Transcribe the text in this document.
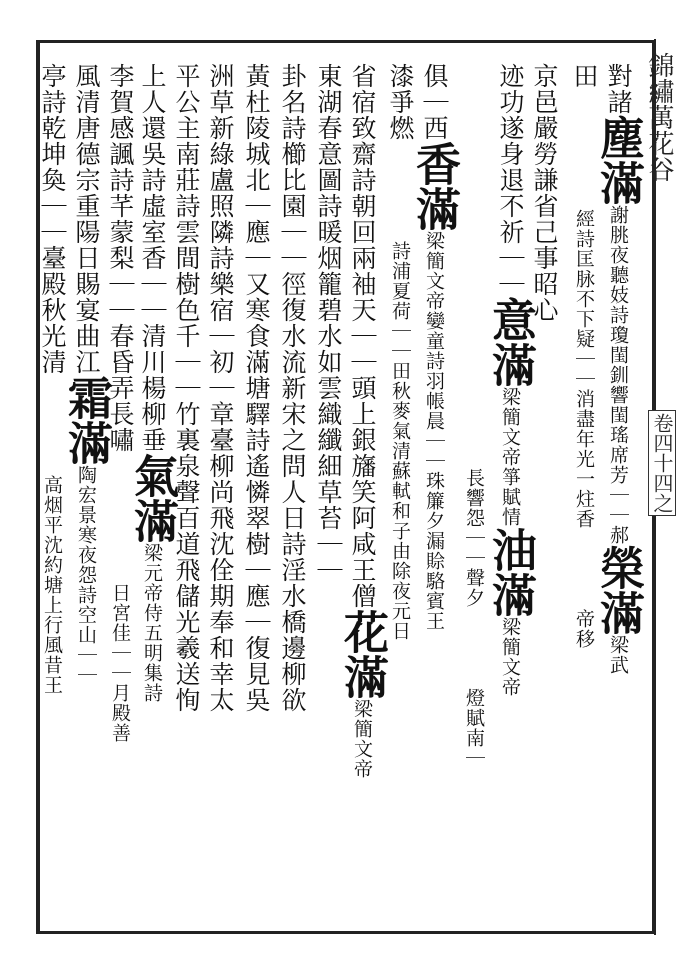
對諸塵滿謝朓夜聽妓詩瓊閨釧響閨瑤席芳｜｜郝榮滿梁武
田經詩匡脉不下疑｜｜消盡年光一炷香帝移
京邑嚴勞謙省己事昭心
迹功遂身退不祈｜｜意滿梁簡文帝箏賦情油滿梁簡文帝
長響怨｜｜聲夕燈賦南｜
俱｜西香滿梁簡文帝孌童詩羽帳晨｜｜珠簾夕漏賒駱賓王
漆爭燃詩浦夏荷｜｜田秋麥氣清蘇軾和子由除夜元日
省宿致齋詩朝回兩袖天｜｜頭上銀旛笑阿咸王僧花滿梁簡文帝
東湖春意圖詩暖烟籠碧水如雲織纖細草苔｜｜
卦名詩櫛比園｜｜徑復水流新宋之問人日詩淫水橋邊柳欲
黃杜陵城北｜應｜又寒食滿塘驛詩遙憐翠樹｜應｜復見吳
洲草新綠盧照隣詩樂宿｜初｜章臺柳尚飛沈佺期奉和幸太
平公主南莊詩雲間樹色千｜｜竹裏泉聲百道飛儲光羲送恂
上人還吳詩虛室香｜｜清川楊柳垂氣滿梁元帝侍五明集詩
李賀感諷詩芊蒙梨｜｜春昏弄長嘯日宮佳｜｜月殿善
風清唐德宗重陽日賜宴曲江霜滿陶宏景寒夜怨詩空山｜｜
亭詩乾坤奐｜｜臺殿秋光清高烟平沈約塘上行風昔王
錦繡萬花谷
卷四十四之
